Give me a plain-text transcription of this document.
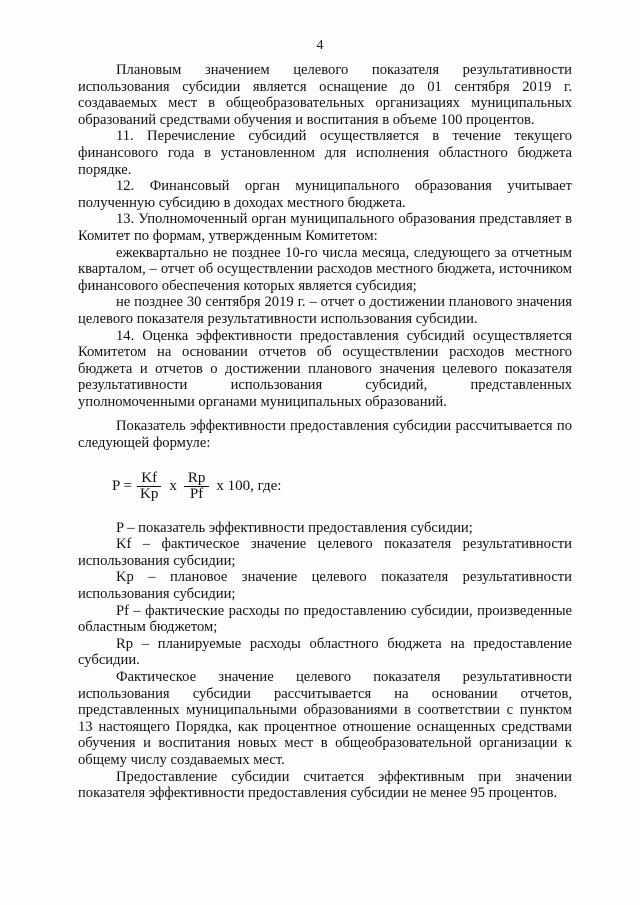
4

Плановым значением целевого показателя результативности использования субсидии является оснащение до 01 сентября 2019 г. создаваемых мест в общеобразовательных организациях муниципальных образований средствами обучения и воспитания в объеме 100 процентов.

11. Перечисление субсидий осуществляется в течение текущего финансового года в установленном для исполнения областного бюджета порядке.

12. Финансовый орган муниципального образования учитывает полученную субсидию в доходах местного бюджета.

13. Уполномоченный орган муниципального образования представляет в Комитет по формам, утвержденным Комитетом:

ежеквартально не позднее 10-го числа месяца, следующего за отчетным кварталом, – отчет об осуществлении расходов местного бюджета, источником финансового обеспечения которых является субсидия;

не позднее 30 сентября 2019 г. – отчет о достижении планового значения целевого показателя результативности использования субсидии.

14. Оценка эффективности предоставления субсидий осуществляется Комитетом на основании отчетов об осуществлении расходов местного бюджета и отчетов о достижении планового значения целевого показателя результативности использования субсидий, представленных уполномоченными органами муниципальных образований.

Показатель эффективности предоставления субсидии рассчитывается по следующей формуле:

$P = \frac{Kf}{Kp}$ x $\frac{Rp}{Pf}$ x 100, где:

P – показатель эффективности предоставления субсидии;

Kf – фактическое значение целевого показателя результативности использования субсидии;

Kp – плановое значение целевого показателя результативности использования субсидии;

Pf – фактические расходы по предоставлению субсидии, произведенные областным бюджетом;

Rp – планируемые расходы областного бюджета на предоставление субсидии.

Фактическое значение целевого показателя результативности использования субсидии рассчитывается на основании отчетов, представленных муниципальными образованиями в соответствии с пунктом 13 настоящего Порядка, как процентное отношение оснащенных средствами обучения и воспитания новых мест в общеобразовательной организации к общему числу создаваемых мест.

Предоставление субсидии считается эффективным при значении показателя эффективности предоставления субсидии не менее 95 процентов.
